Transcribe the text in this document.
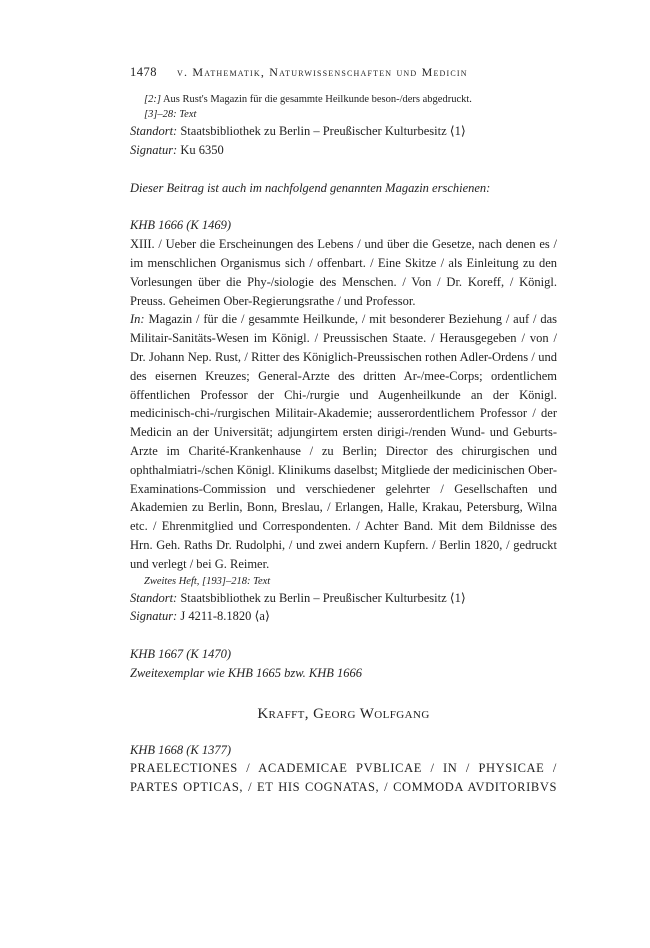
1478 v. Mathematik, Naturwissenschaften und Medicin

[2:] Aus Rust's Magazin für die gesammte Heilkunde beson-/ders abgedruckt.

[3]–28: Text

Standort: Staatsbibliothek zu Berlin – Preußischer Kulturbesitz ⟨1⟩

Signatur: Ku 6350

Dieser Beitrag ist auch im nachfolgend genannten Magazin erschienen:

KHB 1666 (K 1469)

XIII. / Ueber die Erscheinungen des Lebens / und über die Gesetze, nach denen es / im menschlichen Organismus sich / offenbart. / Eine Skitze / als Einleitung zu den Vorlesungen über die Phy-/siologie des Menschen. / Von / Dr. Koreff, / Königl. Preuss. Geheimen Ober-Regierungsrathe / und Professor.

In: Magazin / für die / gesammte Heilkunde, / mit besonderer Beziehung / auf / das Militair-Sanitäts-Wesen im Königl. / Preussischen Staate. / Herausgegeben / von / Dr. Johann Nep. Rust, / Ritter des Königlich-Preussischen rothen Adler-Ordens / und des eisernen Kreuzes; General-Arzte des dritten Ar-/mee-Corps; ordentlichem öffentlichen Professor der Chi-/rurgie und Augenheilkunde an der Königl. medicinisch-chi-/rurgischen Militair-Akademie; ausserordentlichem Professor / der Medicin an der Universität; adjungirtem ersten dirigi-/renden Wund- und Geburts-Arzte im Charité-Krankenhause / zu Berlin; Director des chirurgischen und ophthalmiatri-/schen Königl. Klinikums daselbst; Mitgliede der medicinischen Ober-Examinations-Commission und verschiedener gelehrter / Gesellschaften und Akademien zu Berlin, Bonn, Breslau, / Erlangen, Halle, Krakau, Petersburg, Wilna etc. / Ehrenmitglied und Correspondenten. / Achter Band. Mit dem Bildnisse des Hrn. Geh. Raths Dr. Rudolphi, / und zwei andern Kupfern. / Berlin 1820, / gedruckt und verlegt / bei G. Reimer.

Zweites Heft, [193]–218: Text

Standort: Staatsbibliothek zu Berlin – Preußischer Kulturbesitz ⟨1⟩

Signatur: J 4211-8.1820 ⟨a⟩

KHB 1667 (K 1470)

Zweitexemplar wie KHB 1665 bzw. KHB 1666

Krafft, Georg Wolfgang

KHB 1668 (K 1377)

PRAELECTIONES / ACADEMICAE PVBLICAE / IN / PHYSICAE /

PARTES OPTICAS, / ET HIS COGNATAS, / COMMODA AVDITORIBVS
